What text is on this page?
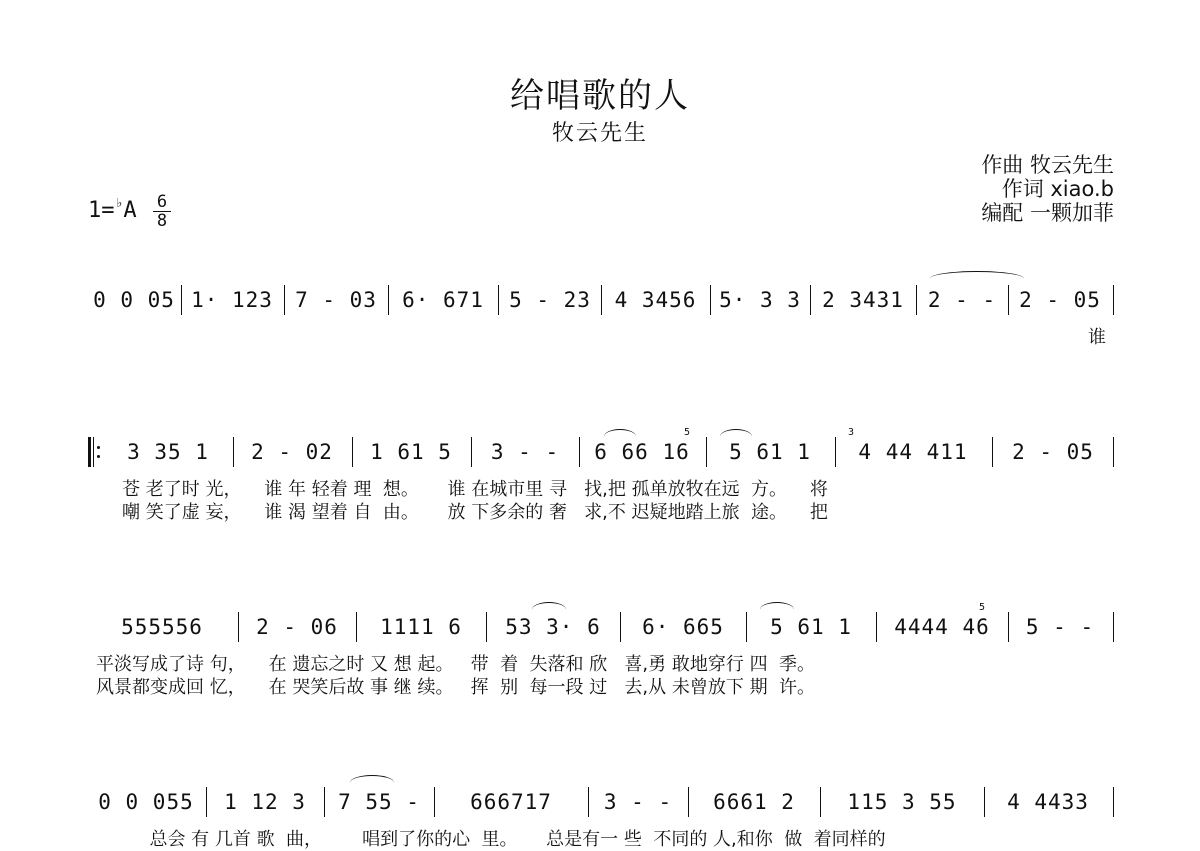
给唱歌的人
牧云先生
作曲 牧云先生
作词 xiao.b
编配 一颗加菲
1=♭A 6
8
0 0 05 1· 123	7 - 03	6· 671	5 - 23	4 3456	5· 3 3	2 3431	2 - -	2 - 05
谁
3 35 1	2 - 02	1 61 5	3 - -	6 66 16	5 61 1	4 44 411	2 - 05
5	3
苍 老了时 光，    谁 年 轻着 理  想。     谁 在城市里 寻   找,把 孤单放牧在远  方。    将
嘲 笑了虚 妄，    谁 渴 望着 自  由。     放 下多余的 奢   求,不 迟疑地踏上旅  途。    把
555556	2 - 06	1111 6	53 3· 6	6· 665	5 61 1	4444 46	5 - -
5
平淡写成了诗 句，    在 遗忘之时 又 想 起。   带  着  失落和 欣   喜,勇 敢地穿行 四  季。
风景都变成回 忆，    在 哭笑后故 事 继 续。   挥  别  每一段 过   去,从 未曾放下 期  许。
0 0 055	1 12 3	7 55 -	666717	3 - -	6661 2	115 3 55	4 4433
总会 有 几首 歌  曲，       唱到了你的心  里。     总是有一 些  不同的 人,和你  做  着同样的
